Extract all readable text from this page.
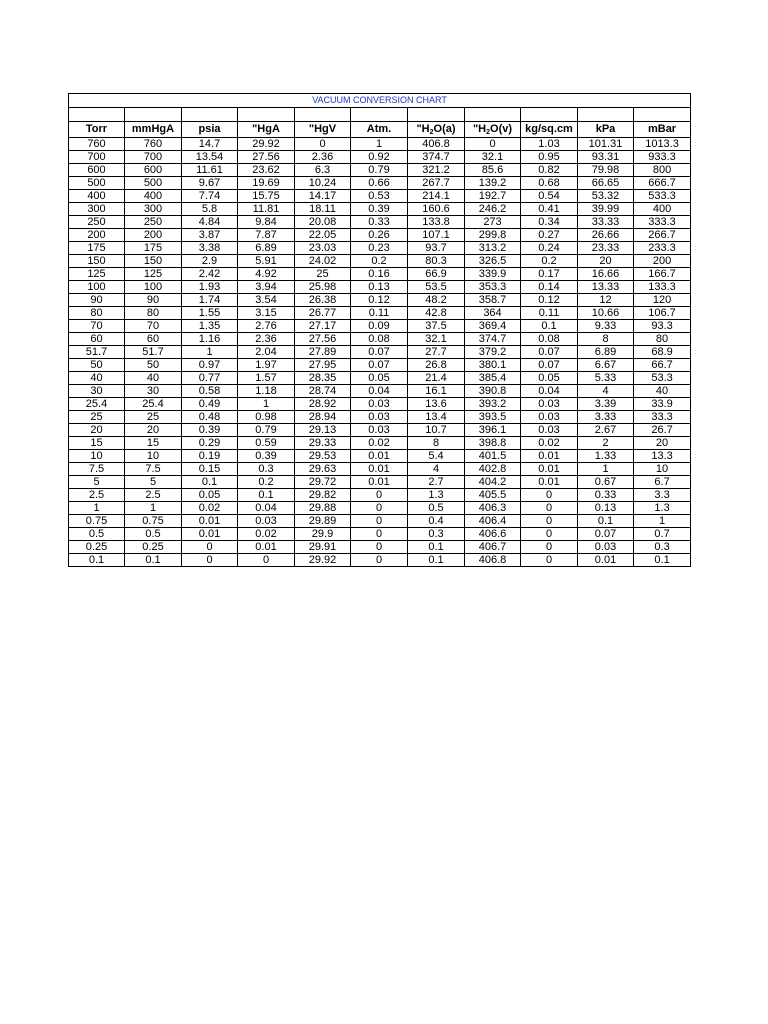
VACUUM CONVERSION CHART										

Torr	mmHgA	psia	"HgA	"HgV	Atm.	"$H_2O(a)$	"$H_2O(v)$	kg/sq.cm	kPa	mBar
760	760	14.7	29.92	0	1	406.8	0	1.03	101.31	1013.3
700	700	13.54	27.56	2.36	0.92	374.7	32.1	0.95	93.31	933.3
600	600	11.61	23.62	6.3	0.79	321.2	85.6	0.82	79.98	800
500	500	9.67	19.69	10.24	0.66	267.7	139.2	0.68	66.65	666.7
400	400	7.74	15.75	14.17	0.53	214.1	192.7	0.54	53.32	533.3
300	300	5.8	11.81	18.11	0.39	160.6	246.2	0.41	39.99	400
250	250	4.84	9.84	20.08	0.33	133.8	273	0.34	33.33	333.3
200	200	3.87	7.87	22.05	0.26	107.1	299.8	0.27	26.66	266.7
175	175	3.38	6.89	23.03	0.23	93.7	313.2	0.24	23.33	233.3
150	150	2.9	5.91	24.02	0.2	80.3	326.5	0.2	20	200
125	125	2.42	4.92	25	0.16	66.9	339.9	0.17	16.66	166.7
100	100	1.93	3.94	25.98	0.13	53.5	353.3	0.14	13.33	133.3
90	90	1.74	3.54	26.38	0.12	48.2	358.7	0.12	12	120
80	80	1.55	3.15	26.77	0.11	42.8	364	0.11	10.66	106.7
70	70	1.35	2.76	27.17	0.09	37.5	369.4	0.1	9.33	93.3
60	60	1.16	2.36	27.56	0.08	32.1	374.7	0.08	8	80
51.7	51.7	1	2.04	27.89	0.07	27.7	379.2	0.07	6.89	68.9
50	50	0.97	1.97	27.95	0.07	26.8	380.1	0.07	6.67	66.7
40	40	0.77	1.57	28.35	0.05	21.4	385.4	0.05	5.33	53.3
30	30	0.58	1.18	28.74	0.04	16.1	390.8	0.04	4	40
25.4	25.4	0.49	1	28.92	0.03	13.6	393.2	0.03	3.39	33.9
25	25	0.48	0.98	28.94	0.03	13.4	393.5	0.03	3.33	33.3
20	20	0.39	0.79	29.13	0.03	10.7	396.1	0.03	2.67	26.7
15	15	0.29	0.59	29.33	0.02	8	398.8	0.02	2	20
10	10	0.19	0.39	29.53	0.01	5.4	401.5	0.01	1.33	13.3
7.5	7.5	0.15	0.3	29.63	0.01	4	402.8	0.01	1	10
5	5	0.1	0.2	29.72	0.01	2.7	404.2	0.01	0.67	6.7
2.5	2.5	0.05	0.1	29.82	0	1.3	405.5	0	0.33	3.3
1	1	0.02	0.04	29.88	0	0.5	406.3	0	0.13	1.3
0.75	0.75	0.01	0.03	29.89	0	0.4	406.4	0	0.1	1
0.5	0.5	0.01	0.02	29.9	0	0.3	406.6	0	0.07	0.7
0.25	0.25	0	0.01	29.91	0	0.1	406.7	0	0.03	0.3
0.1	0.1	0	0	29.92	0	0.1	406.8	0	0.01	0.1
